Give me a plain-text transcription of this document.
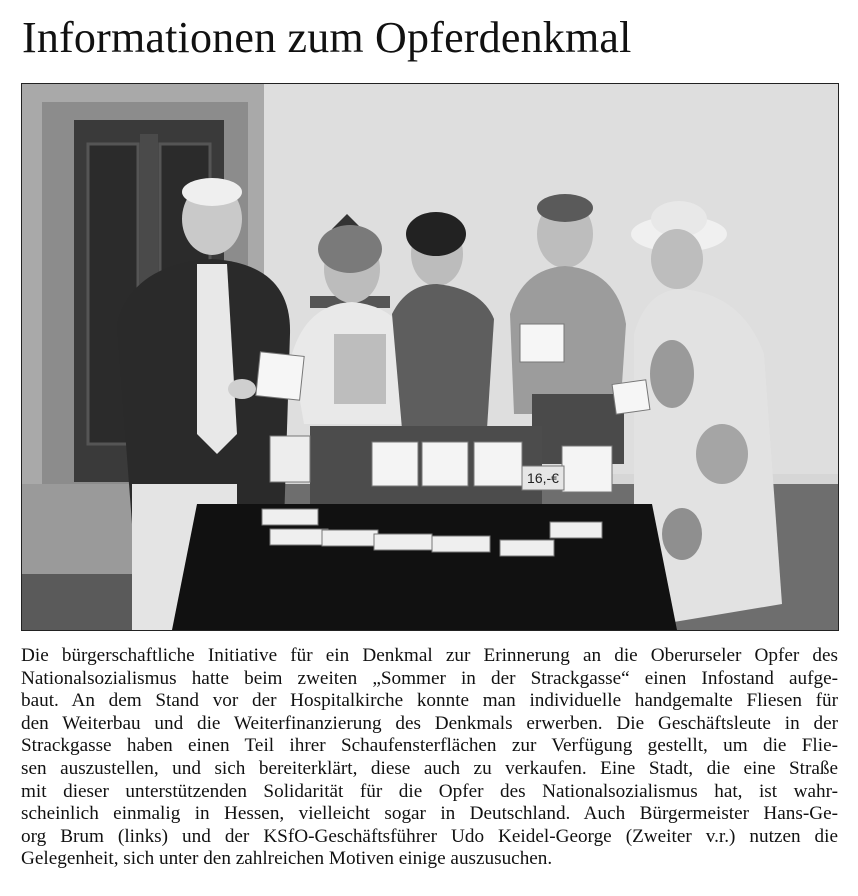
Informationen zum Opferdenkmal
16,-€
Die bürgerschaftliche Initiative für ein Denkmal zur Erinnerung an die Oberurseler Opfer des
Nationalsozialismus hatte beim zweiten „Sommer in der Strackgasse“ einen Infostand aufge-
baut. An dem Stand vor der Hospitalkirche konnte man individuelle handgemalte Fliesen für
den Weiterbau und die Weiterfinanzierung des Denkmals erwerben. Die Geschäftsleute in der
Strackgasse haben einen Teil ihrer Schaufensterflächen zur Verfügung gestellt, um die Flie-
sen auszustellen, und sich bereiterklärt, diese auch zu verkaufen. Eine Stadt, die eine Straße
mit dieser unterstützenden Solidarität für die Opfer des Nationalsozialismus hat, ist wahr-
scheinlich einmalig in Hessen, vielleicht sogar in Deutschland. Auch Bürgermeister Hans-Ge-
org Brum (links) und der KSfO-Geschäftsführer Udo Keidel-George (Zweiter v.r.) nutzen die
Gelegenheit, sich unter den zahlreichen Motiven einige auszusuchen.
